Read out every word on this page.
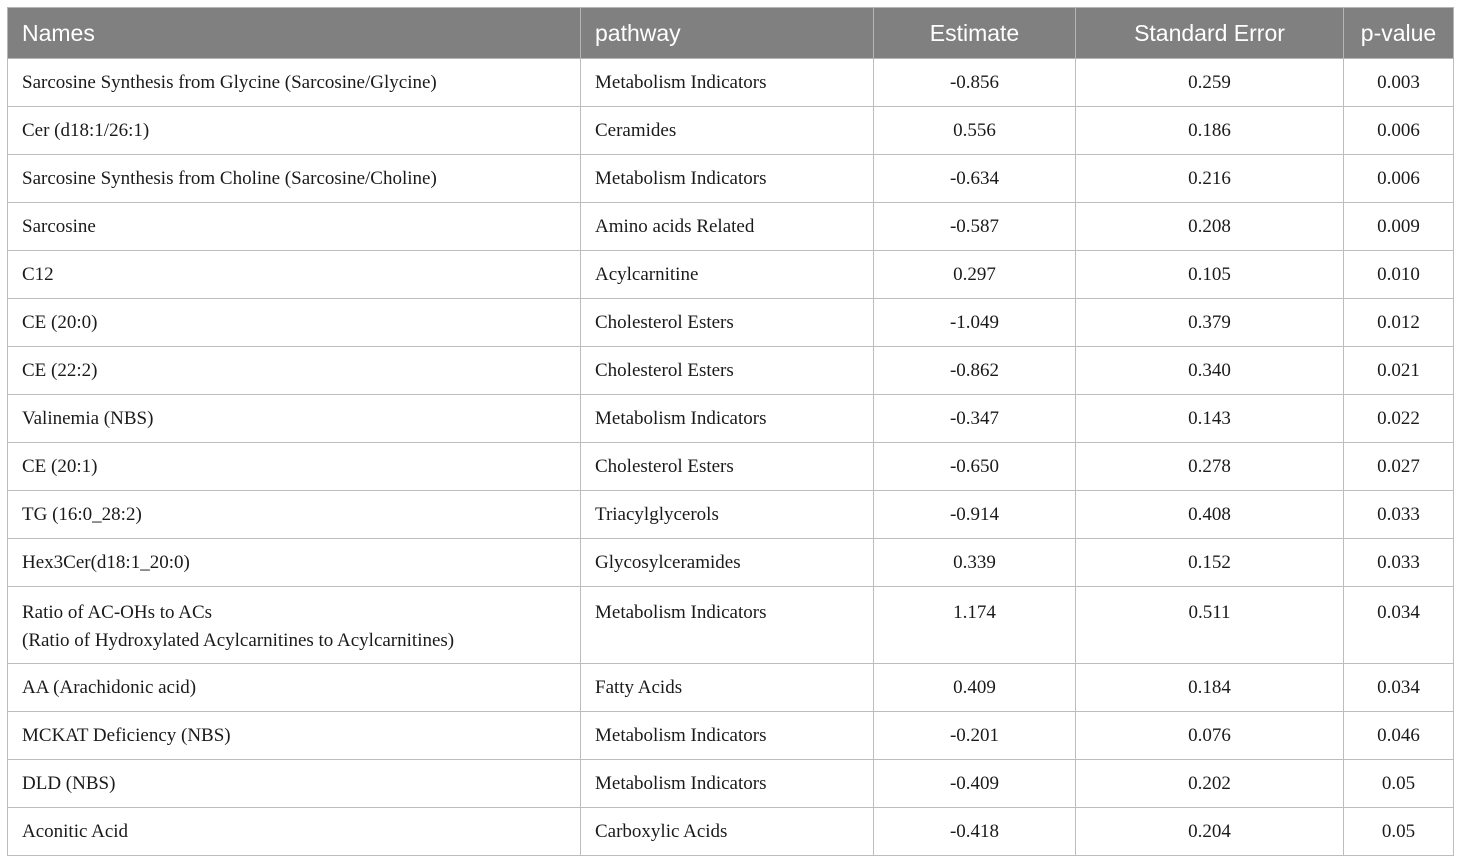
Names	pathway	Estimate	Standard Error	p-value
Sarcosine Synthesis from Glycine (Sarcosine/Glycine)	Metabolism Indicators	-0.856	0.259	0.003
Cer (d18:1/26:1)	Ceramides	0.556	0.186	0.006
Sarcosine Synthesis from Choline (Sarcosine/Choline)	Metabolism Indicators	-0.634	0.216	0.006
Sarcosine	Amino acids Related	-0.587	0.208	0.009
C12	Acylcarnitine	0.297	0.105	0.010
CE (20:0)	Cholesterol Esters	-1.049	0.379	0.012
CE (22:2)	Cholesterol Esters	-0.862	0.340	0.021
Valinemia (NBS)	Metabolism Indicators	-0.347	0.143	0.022
CE (20:1)	Cholesterol Esters	-0.650	0.278	0.027
TG (16:0_28:2)	Triacylglycerols	-0.914	0.408	0.033
Hex3Cer(d18:1_20:0)	Glycosylceramides	0.339	0.152	0.033

Ratio of AC-OHs to ACs
(Ratio of Hydroxylated Acylcarnitines to Acylcarnitines)	Metabolism Indicators	1.174	0.511	0.034
AA (Arachidonic acid)	Fatty Acids	0.409	0.184	0.034
MCKAT Deficiency (NBS)	Metabolism Indicators	-0.201	0.076	0.046
DLD (NBS)	Metabolism Indicators	-0.409	0.202	0.05
Aconitic Acid	Carboxylic Acids	-0.418	0.204	0.05
